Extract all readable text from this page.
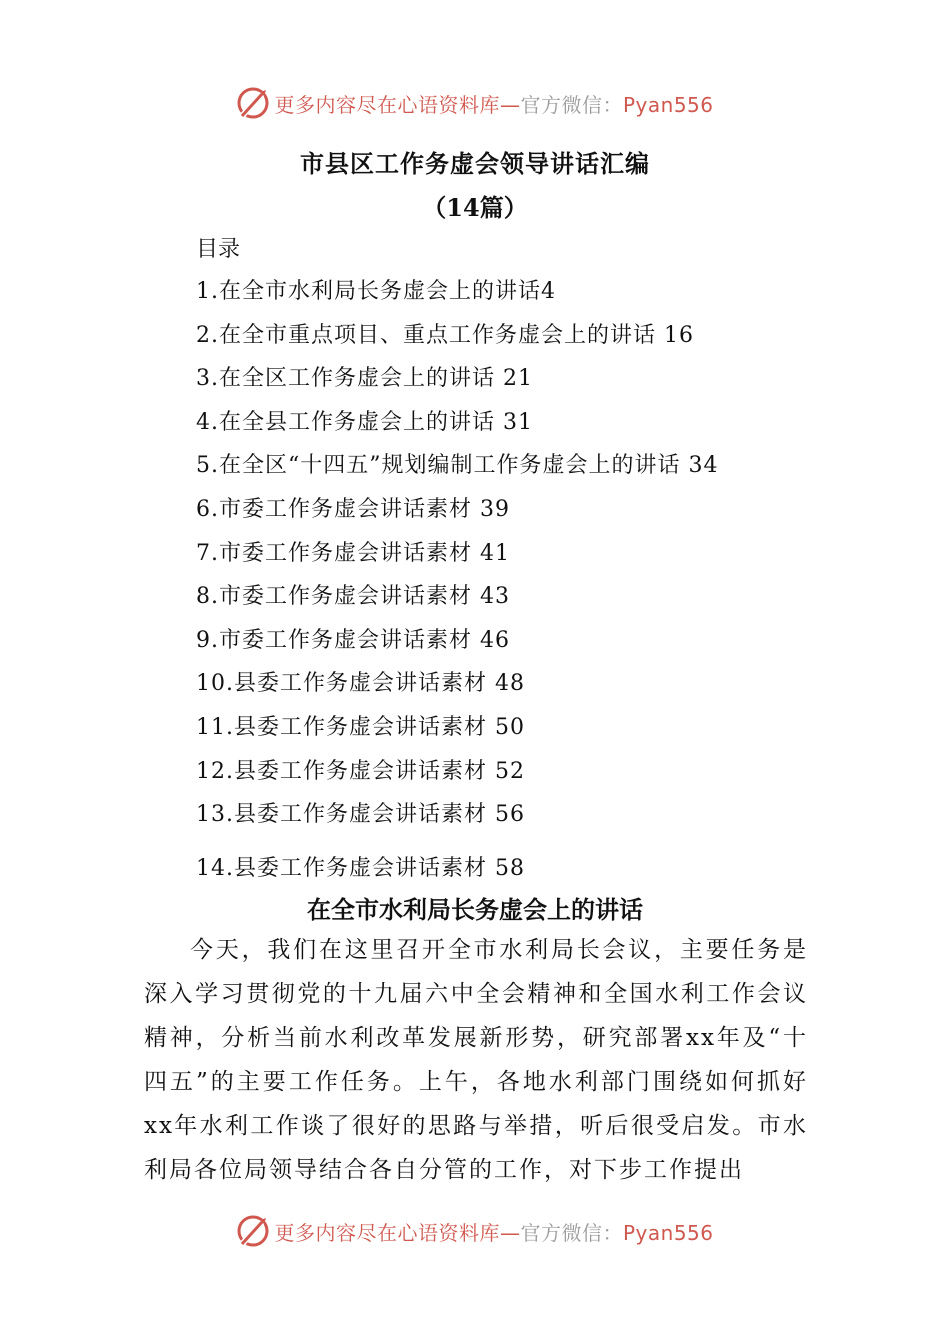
更多内容尽在心语资料库—官方微信：Pyan556
市县区工作务虚会领导讲话汇编
（14篇）
目录
1.在全市水利局长务虚会上的讲话4
2.在全市重点项目、重点工作务虚会上的讲话 16
3.在全区工作务虚会上的讲话 21
4.在全县工作务虚会上的讲话 31
5.在全区“十四五”规划编制工作务虚会上的讲话 34
6.市委工作务虚会讲话素材 39
7.市委工作务虚会讲话素材 41
8.市委工作务虚会讲话素材 43
9.市委工作务虚会讲话素材 46
10.县委工作务虚会讲话素材 48
11.县委工作务虚会讲话素材 50
12.县委工作务虚会讲话素材 52
13.县委工作务虚会讲话素材 56
14.县委工作务虚会讲话素材 58
在全市水利局长务虚会上的讲话

今天，我们在这里召开全市水利局长会议，主要任务是深入学习贯彻党的十九届六中全会精神和全国水利工作会议精神，分析当前水利改革发展新形势，研究部署xx年及“十四五”的主要工作任务。上午，各地水利部门围绕如何抓好xx年水利工作谈了很好的思路与举措，听后很受启发。市水利局各位局领导结合各自分管的工作，对下步工作提出

更多内容尽在心语资料库—官方微信：Pyan556
